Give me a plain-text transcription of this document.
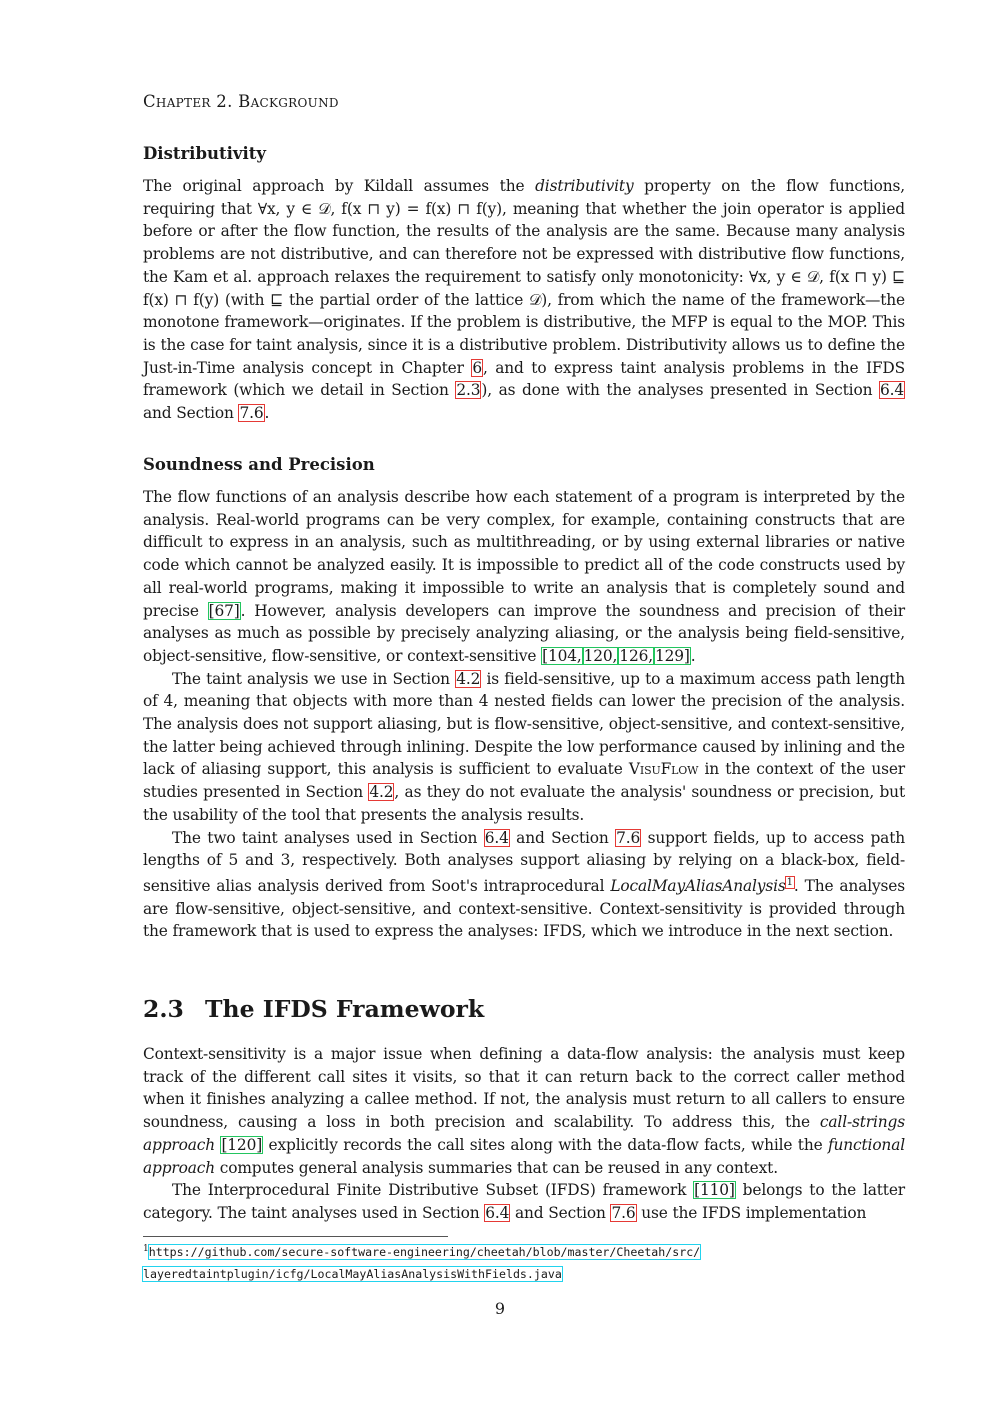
Chapter 2. Background
Distributivity

The original approach by Kildall assumes the distributivity property on the flow functions, requiring that ∀x, y ∈ 𝒟, f(x ⊓ y) = f(x) ⊓ f(y), meaning that whether the join operator is applied before or after the flow function, the results of the analysis are the same. Because many analysis problems are not distributive, and can therefore not be expressed with distributive flow functions, the Kam et al. approach relaxes the requirement to satisfy only monotonicity: ∀x, y ∈ 𝒟, f(x ⊓ y) ⊑ f(x) ⊓ f(y) (with ⊑ the partial order of the lattice 𝒟), from which the name of the framework—the monotone framework—originates. If the problem is distributive, the MFP is equal to the MOP. This is the case for taint analysis, since it is a distributive problem. Distributivity allows us to define the Just-in-Time analysis concept in Chapter 6, and to express taint analysis problems in the IFDS framework (which we detail in Section 2.3), as done with the analyses presented in Section 6.4 and Section 7.6.

Soundness and Precision

The flow functions of an analysis describe how each statement of a program is interpreted by the analysis. Real-world programs can be very complex, for example, containing constructs that are difficult to express in an analysis, such as multithreading, or by using external libraries or native code which cannot be analyzed easily. It is impossible to predict all of the code constructs used by all real-world programs, making it impossible to write an analysis that is completely sound and precise [67]. However, analysis developers can improve the soundness and precision of their analyses as much as possible by precisely analyzing aliasing, or the analysis being field-sensitive, object-sensitive, flow-sensitive, or context-sensitive [104, 120, 126, 129].

The taint analysis we use in Section 4.2 is field-sensitive, up to a maximum access path length of 4, meaning that objects with more than 4 nested fields can lower the precision of the analysis. The analysis does not support aliasing, but is flow-sensitive, object-sensitive, and context-sensitive, the latter being achieved through inlining. Despite the low performance caused by inlining and the lack of aliasing support, this analysis is sufficient to evaluate VisuFlow in the context of the user studies presented in Section 4.2, as they do not evaluate the analysis' soundness or precision, but the usability of the tool that presents the analysis results.

The two taint analyses used in Section 6.4 and Section 7.6 support fields, up to access path lengths of 5 and 3, respectively. Both analyses support aliasing by relying on a black-box, field-sensitive alias analysis derived from Soot's intraprocedural LocalMayAliasAnalysis$^1$. The analyses are flow-sensitive, object-sensitive, and context-sensitive. Context-sensitivity is provided through the framework that is used to express the analyses: IFDS, which we introduce in the next section.

2.3 The IFDS Framework

Context-sensitivity is a major issue when defining a data-flow analysis: the analysis must keep track of the different call sites it visits, so that it can return back to the correct caller method when it finishes analyzing a callee method. If not, the analysis must return to all callers to ensure soundness, causing a loss in both precision and scalability. To address this, the call-strings approach [120] explicitly records the call sites along with the data-flow facts, while the functional approach computes general analysis summaries that can be reused in any context.

The Interprocedural Finite Distributive Subset (IFDS) framework [110] belongs to the latter category. The taint analyses used in Section 6.4 and Section 7.6 use the IFDS implementation

$^1$https://github.com/secure-software-engineering/cheetah/blob/master/Cheetah/src/
layeredtaintplugin/icfg/LocalMayAliasAnalysisWithFields.java
9
